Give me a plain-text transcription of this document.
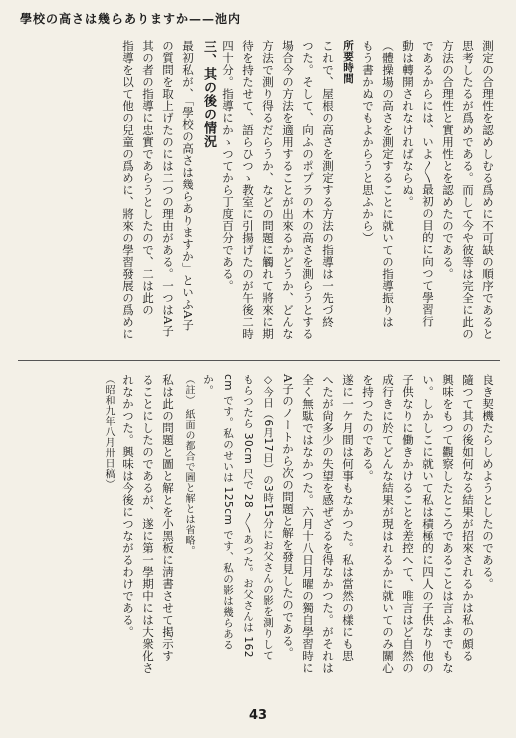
學校の高さは幾らありますか——池内

測定の合理性を認めしむる爲めに不可缺の順序であると

思考したるが爲めである。而して今や彼等は完全に此の

方法の合理性と實用性とを認めたのである。

であるからには、いよ〳〵最初の目的に向つて學習行

動は轉開されなければならぬ。

（體操場の高さを測定することに就いての指導振りは

もう書かぬでもよからうと思ふから）

所要時間

これで、屋根の高さを測定する方法の指導は一先づ終

つた。そして、向ふのポプラの木の高さを測らうとする

場合今の方法を適用することが出來るかどうか、どんな

方法で測り得るだらうか、などの問題に觸れて將來に期

待を持たせて、語らひつゝ教室に引揚げたのが午後二時

四十分。指導にかゝつてから丁度百分である。

三、其の後の情況

最初私が、「學校の高さは幾らありますか」といふA子

の質問を取上げたのには二つの理由がある。一つはA子

其の者の指導に忠實であらうとしたので、二は此の

指導を以て他の兒童の爲めに、將來の學習發展の爲めに

良き契機たらしめようとしたのである。

隨つて其の後如何なる結果が招來されるかは私の頗る

興味をもつて觀察したところであることは言ふまでもな

い。しかしこに就いて私は積極的に四人の子供なり他の

子供なりに働きかけることを差控へて、唯言はど自然の

成行きに於てどんな結果が現はれるかに就いてのみ關心

を持つたのである。

遂に一ケ月間は何事もなかつた。私は當然の樣にも思

へたが尙多少の失望を感ぜざるを得なかつた。がそれは

全く無駄ではなかつた。六月十八日月曜の獨自學習時に

A子のノートから次の問題と解を發見したのである。

◇今日（6月17日）の3時15分にお父さんの影を測りして

もらつたら 30cm 尺で 28 〳〵あつた。お父さんは 162

cm です。私のせいは 125cm です、私の影は幾らある

か。

（註） 紙面の都合で圖と解とは省略。

私は此の問題と圖と解とを小黑板に淸書させて掲示す

ることにしたのであるが、遂に第一學期中には大衆化さ

れなかつた。興味は今後につながるわけである。

（昭和九年八月卅日稿）

43
